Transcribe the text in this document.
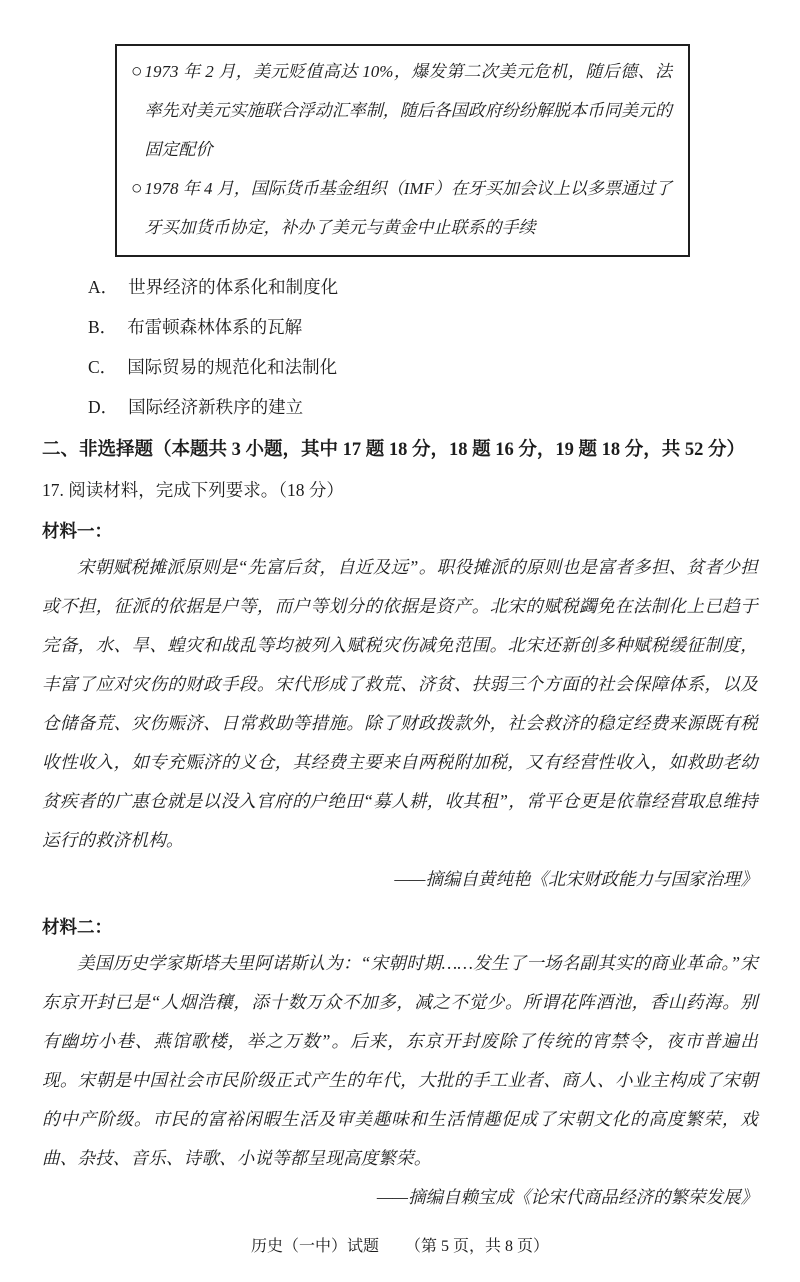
○ 1973 年 2 月，美元贬值高达 10%，爆发第二次美元危机，随后德、法率先对美元实施联合浮动汇率制，随后各国政府纷纷解脱本币同美元的固定配价
○ 1978 年 4 月，国际货币基金组织（IMF）在牙买加会议上以多票通过了牙买加货币协定，补办了美元与黄金中止联系的手续
A． 世界经济的体系化和制度化
B． 布雷顿森林体系的瓦解
C． 国际贸易的规范化和法制化
D． 国际经济新秩序的建立
二、非选择题（本题共 3 小题，其中 17 题 18 分，18 题 16 分，19 题 18 分，共 52 分）
17. 阅读材料，完成下列要求。（18 分）
材料一：

宋朝赋税摊派原则是“先富后贫，自近及远”。职役摊派的原则也是富者多担、贫者少担或不担，征派的依据是户等，而户等划分的依据是资产。北宋的赋税蠲免在法制化上已趋于完备，水、旱、蝗灾和战乱等均被列入赋税灾伤减免范围。北宋还新创多种赋税缓征制度，丰富了应对灾伤的财政手段。宋代形成了救荒、济贫、扶弱三个方面的社会保障体系，以及仓储备荒、灾伤赈济、日常救助等措施。除了财政拨款外，社会救济的稳定经费来源既有税收性收入，如专充赈济的义仓，其经费主要来自两税附加税，又有经营性收入，如救助老幼贫疾者的广惠仓就是以没入官府的户绝田“募人耕，收其租”，常平仓更是依靠经营取息维持运行的救济机构。

——摘编自黄纯艳《北宋财政能力与国家治理》
材料二：

美国历史学家斯塔夫里阿诺斯认为：“宋朝时期……发生了一场名副其实的商业革命。”宋东京开封已是“人烟浩穰，添十数万众不加多，减之不觉少。所谓花阵酒池，香山药海。别有幽坊小巷、燕馆歌楼，举之万数”。后来，东京开封废除了传统的宵禁令，夜市普遍出现。宋朝是中国社会市民阶级正式产生的年代，大批的手工业者、商人、小业主构成了宋朝的中产阶级。市民的富裕闲暇生活及审美趣味和生活情趣促成了宋朝文化的高度繁荣，戏曲、杂技、音乐、诗歌、小说等都呈现高度繁荣。

——摘编自赖宝成《论宋代商品经济的繁荣发展》
历史（一中）试题 （第 5 页，共 8 页）
